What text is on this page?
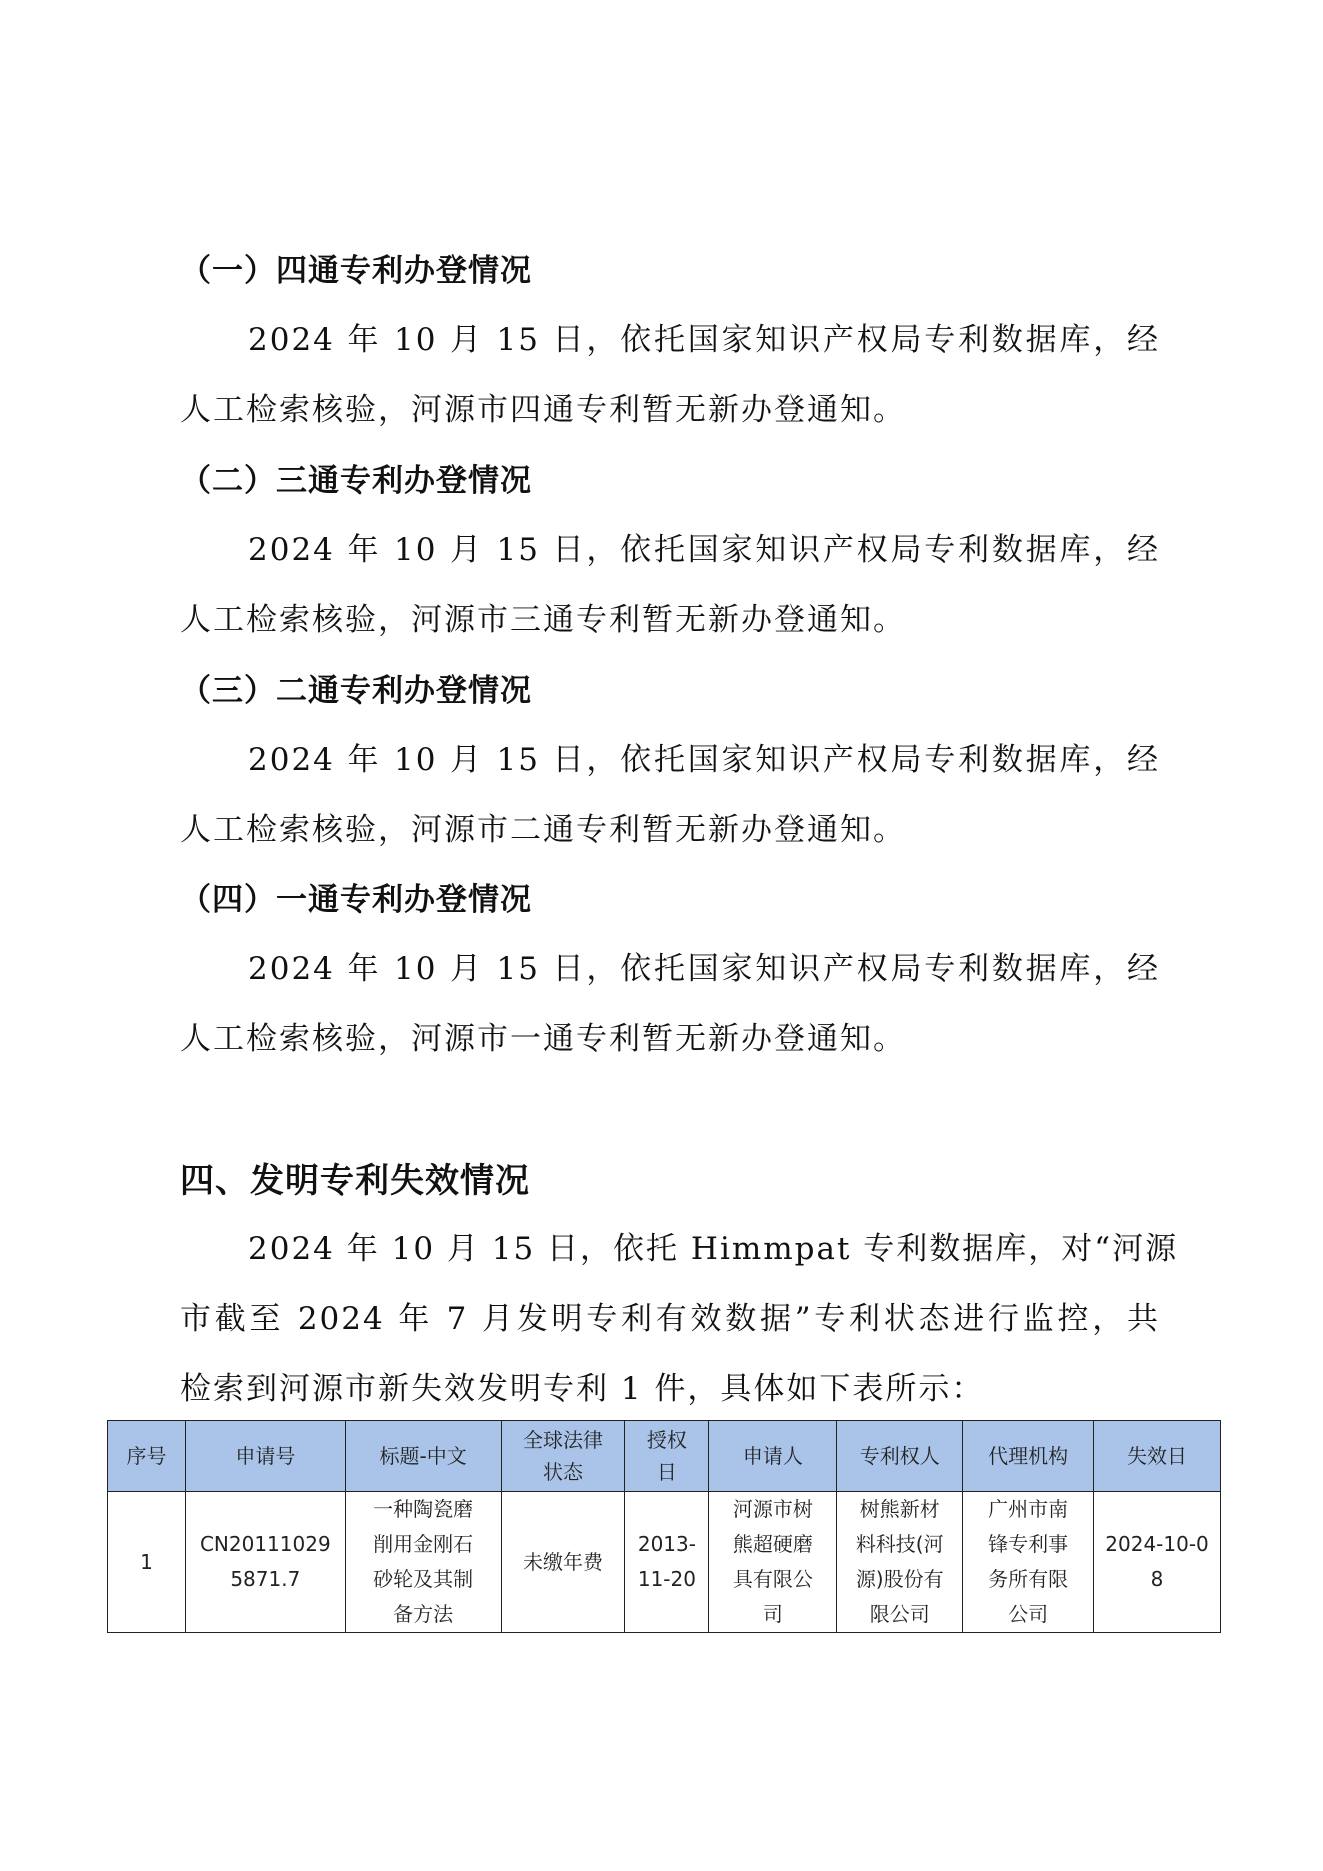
（一）四通专利办登情况
2024 年 10 月 15 日，依托国家知识产权局专利数据库，经
人工检索核验，河源市四通专利暂无新办登通知。
（二）三通专利办登情况
2024 年 10 月 15 日，依托国家知识产权局专利数据库，经
人工检索核验，河源市三通专利暂无新办登通知。
（三）二通专利办登情况
2024 年 10 月 15 日，依托国家知识产权局专利数据库，经
人工检索核验，河源市二通专利暂无新办登通知。
（四）一通专利办登情况
2024 年 10 月 15 日，依托国家知识产权局专利数据库，经
人工检索核验，河源市一通专利暂无新办登通知。
四、发明专利失效情况
2024 年 10 月 15 日，依托 Himmpat 专利数据库，对“河源
市截至 2024 年 7 月发明专利有效数据”专利状态进行监控，共
检索到河源市新失效发明专利 1 件，具体如下表所示：
序号	申请号	标题-中文	全球法律状态	授权日	申请人	专利权人	代理机构	失效日
1	CN201110295871.7	一种陶瓷磨削用金刚石砂轮及其制备方法	未缴年费	2013-11-20	河源市树熊超硬磨具有限公司	树熊新材料科技(河源)股份有限公司	广州市南锋专利事务所有限公司	2024-10-08
